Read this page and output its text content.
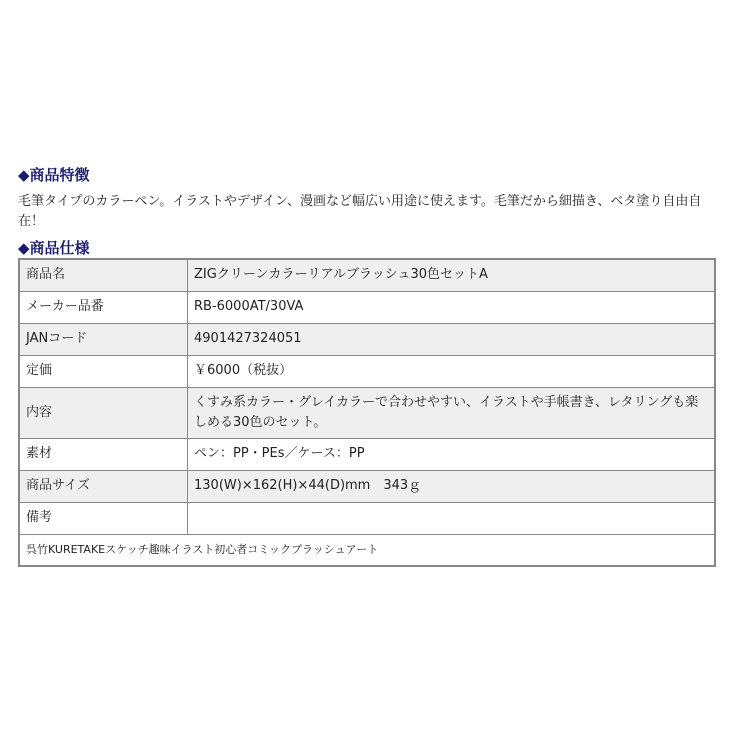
◆商品特徴
毛筆タイプのカラーペン。イラストやデザイン、漫画など幅広い用途に使えます。毛筆だから細描き、ベタ塗り自由自在！
◆商品仕様
商品名	ZIGクリーンカラーリアルブラッシュ30色セットA
メーカー品番	RB-6000AT/30VA
JANコード	4901427324051
定価	￥6000（税抜）
内容	くすみ系カラー・グレイカラーで合わせやすい、イラストや手帳書き、レタリングも楽しめる30色のセット。
素材	ペン：PP・PEs／ケース：PP
商品サイズ	130(W)×162(H)×44(D)mm　343ｇ
備考	
呉竹KURETAKEスケッチ趣味イラスト初心者コミックブラッシュアート	
